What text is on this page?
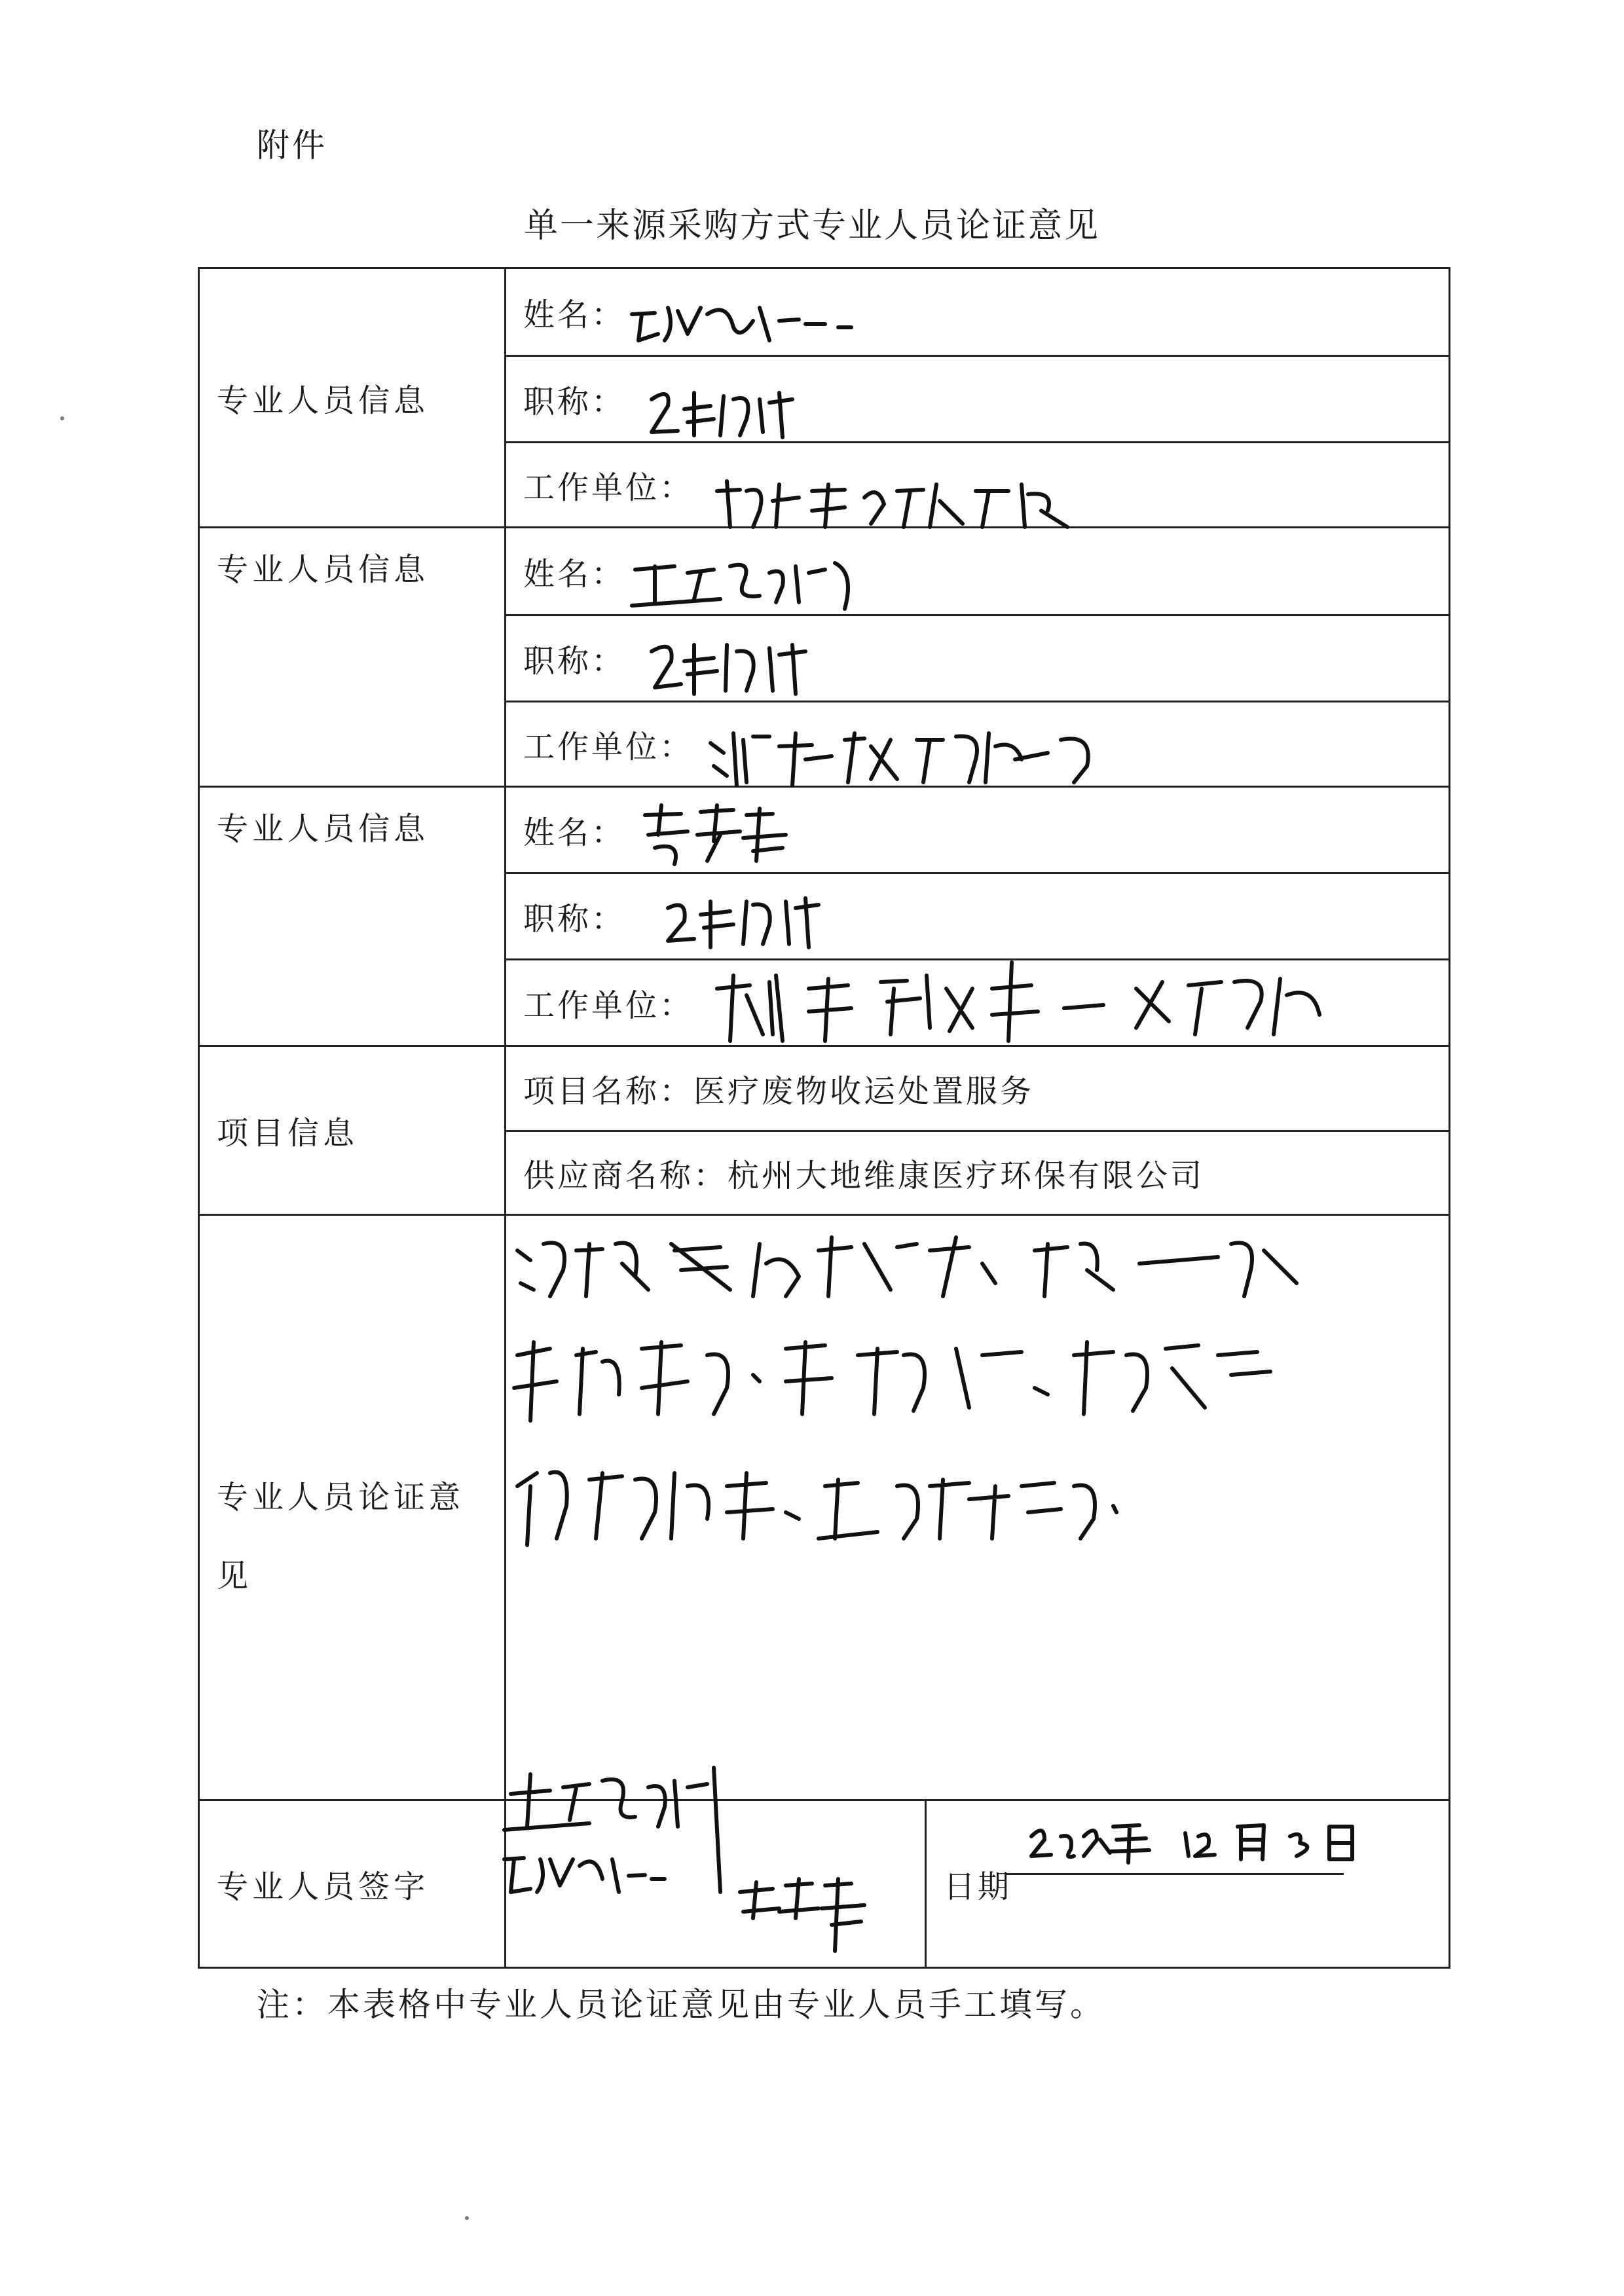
附件
单一来源采购方式专业人员论证意见
专业人员信息	姓名：	
	职称：	
	工作单位：	
专业人员信息	姓名：	
	职称：	
	工作单位：	
专业人员信息	姓名：	
	职称：	
	工作单位：	
项目信息	项目名称：医疗废物收运处置服务	
	供应商名称：杭州大地维康医疗环保有限公司	
专业人员论证意见		
专业人员签字		日期
注：本表格中专业人员论证意见由专业人员手工填写。
